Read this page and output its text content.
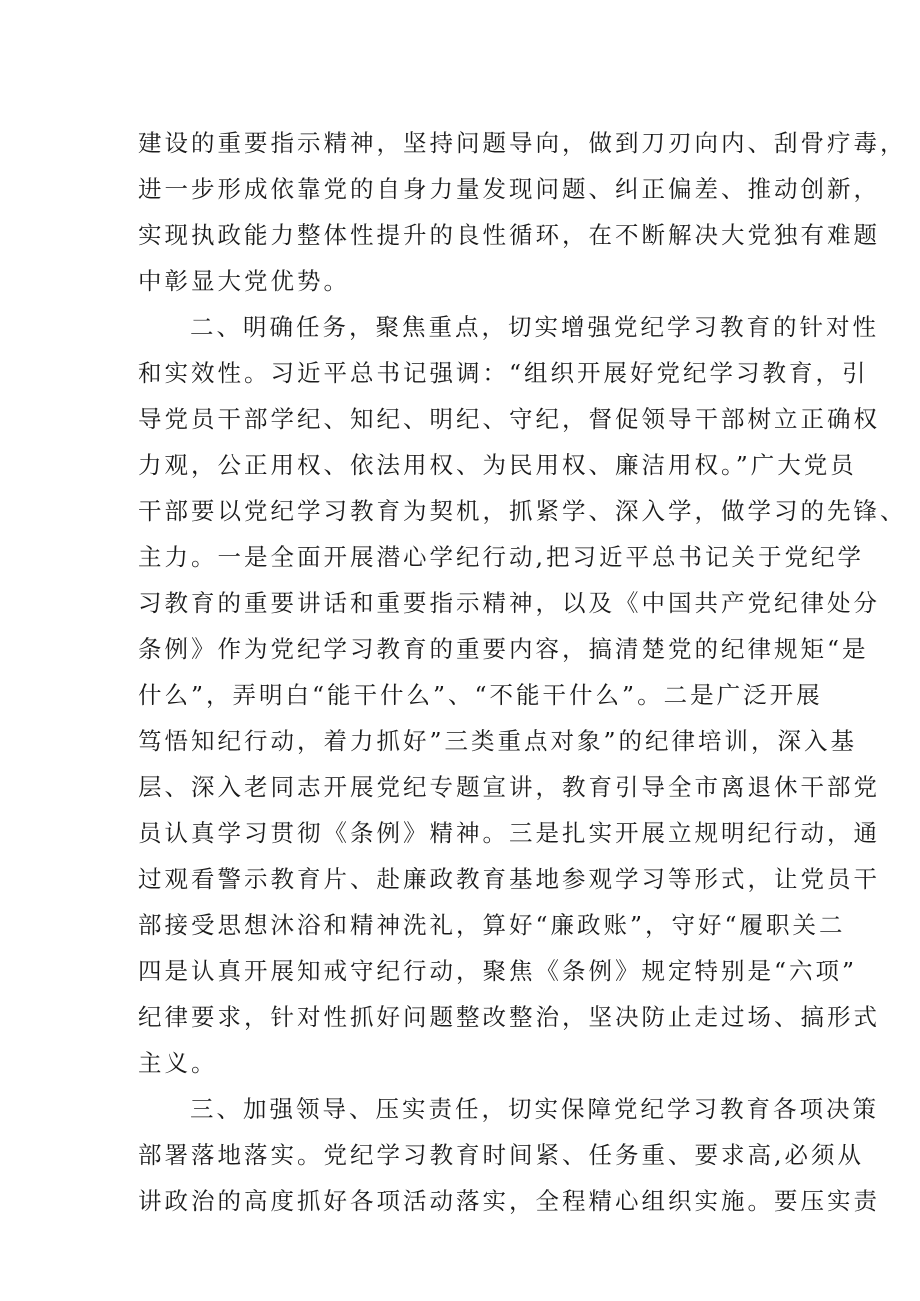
建设的重要指示精神，坚持问题导向，做到刀刃向内、刮骨疗毒，
进一步形成依靠党的自身力量发现问题、纠正偏差、推动创新，
实现执政能力整体性提升的良性循环，在不断解决大党独有难题
中彰显大党优势。
二、明确任务，聚焦重点，切实增强党纪学习教育的针对性
和实效性。习近平总书记强调：“组织开展好党纪学习教育，引
导党员干部学纪、知纪、明纪、守纪，督促领导干部树立正确权
力观，公正用权、依法用权、为民用权、廉洁用权。”广大党员
干部要以党纪学习教育为契机，抓紧学、深入学，做学习的先锋、
主力。一是全面开展潜心学纪行动,把习近平总书记关于党纪学
习教育的重要讲话和重要指示精神，以及《中国共产党纪律处分
条例》作为党纪学习教育的重要内容，搞清楚党的纪律规矩“是
什么”，弄明白“能干什么”、“不能干什么”。二是广泛开展
笃悟知纪行动，着力抓好”三类重点对象”的纪律培训，深入基
层、深入老同志开展党纪专题宣讲，教育引导全市离退休干部党
员认真学习贯彻《条例》精神。三是扎实开展立规明纪行动，通
过观看警示教育片、赴廉政教育基地参观学习等形式，让党员干
部接受思想沐浴和精神洗礼，算好“廉政账”，守好“履职关二
四是认真开展知戒守纪行动，聚焦《条例》规定特别是“六项”
纪律要求，针对性抓好问题整改整治，坚决防止走过场、搞形式
主义。
三、加强领导、压实责任，切实保障党纪学习教育各项决策
部署落地落实。党纪学习教育时间紧、任务重、要求高,必须从
讲政治的高度抓好各项活动落实，全程精心组织实施。要压实责
